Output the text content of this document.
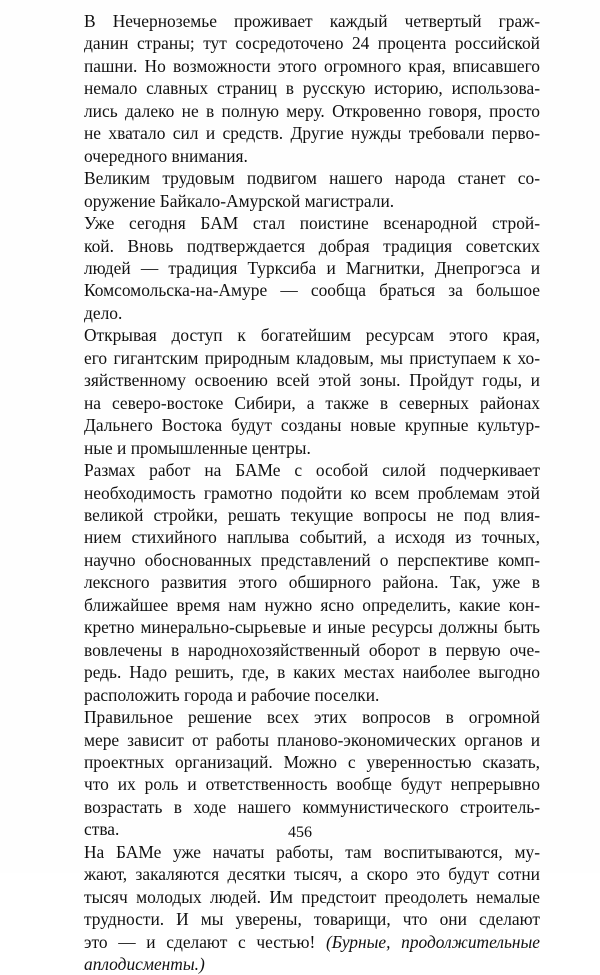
В Нечерноземье проживает каждый четвертый граж-
данин страны; тут сосредоточено 24 процента российской
пашни. Но возможности этого огромного края, вписавшего
немало славных страниц в русскую историю, использова-
лись далеко не в полную меру. Откровенно говоря, просто
не хватало сил и средств. Другие нужды требовали перво-
очередного внимания.

Великим трудовым подвигом нашего народа станет со-
оружение Байкало-Амурской магистрали.

Уже сегодня БАМ стал поистине всенародной строй-
кой. Вновь подтверждается добрая традиция советских
людей — традиция Турксиба и Магнитки, Днепрогэса и
Комсомольска-на-Амуре — сообща браться за большое
дело.

Открывая доступ к богатейшим ресурсам этого края,
его гигантским природным кладовым, мы приступаем к хо-
зяйственному освоению всей этой зоны. Пройдут годы, и
на северо-востоке Сибири, а также в северных районах
Дальнего Востока будут созданы новые крупные культур-
ные и промышленные центры.

Размах работ на БАМе с особой силой подчеркивает
необходимость грамотно подойти ко всем проблемам этой
великой стройки, решать текущие вопросы не под влия-
нием стихийного наплыва событий, а исходя из точных,
научно обоснованных представлений о перспективе комп-
лексного развития этого обширного района. Так, уже в
ближайшее время нам нужно ясно определить, какие кон-
кретно минерально-сырьевые и иные ресурсы должны быть
вовлечены в народнохозяйственный оборот в первую оче-
редь. Надо решить, где, в каких местах наиболее выгодно
расположить города и рабочие поселки.

Правильное решение всех этих вопросов в огромной
мере зависит от работы планово-экономических органов и
проектных организаций. Можно с уверенностью сказать,
что их роль и ответственность вообще будут непрерывно
возрастать в ходе нашего коммунистического строитель-
ства.

На БАМе уже начаты работы, там воспитываются, му-
жают, закаляются десятки тысяч, а скоро это будут сотни
тысяч молодых людей. Им предстоит преодолеть немалые
трудности. И мы уверены, товарищи, что они сделают
это — и сделают с честью! (Бурные, продолжительные
аплодисменты.)

456
